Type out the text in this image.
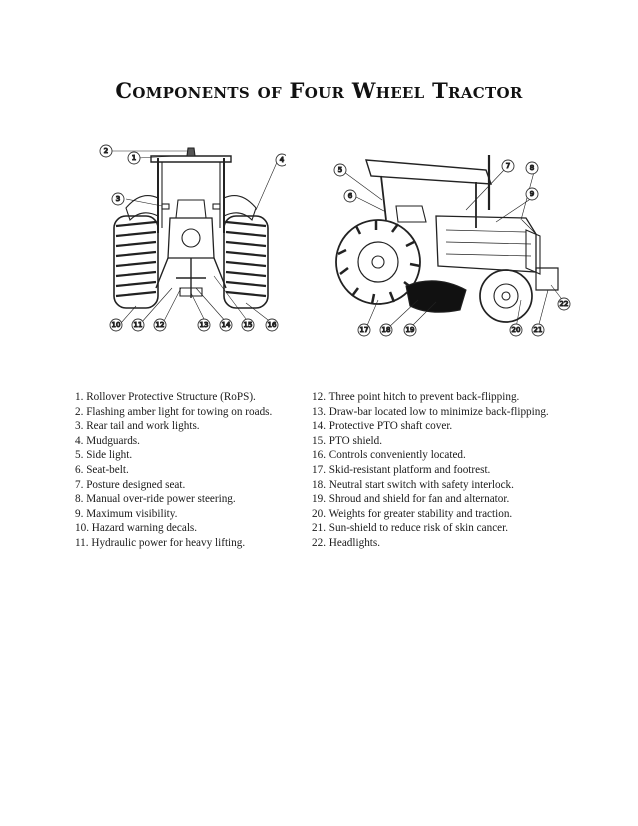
Components of Four Wheel Tractor
2
1	4
3
10 11 12	13 14 15 16
5
6
7	8
9
22
17 18 19	20 21
1. Rollover Protective Structure (RoPS).
2. Flashing amber light for towing on roads.
3. Rear tail and work lights.
4. Mudguards.
5. Side light.
6. Seat-belt.
7. Posture designed seat.
8. Manual over-ride power steering.
9. Maximum visibility.
10. Hazard warning decals.
11. Hydraulic power for heavy lifting.
12. Three point hitch to prevent back-flipping.
13. Draw-bar located low to minimize back-flipping.
14. Protective PTO shaft cover.
15. PTO shield.
16. Controls conveniently located.
17. Skid-resistant platform and footrest.
18. Neutral start switch with safety interlock.
19. Shroud and shield for fan and alternator.
20. Weights for greater stability and traction.
21. Sun-shield to reduce risk of skin cancer.
22. Headlights.
